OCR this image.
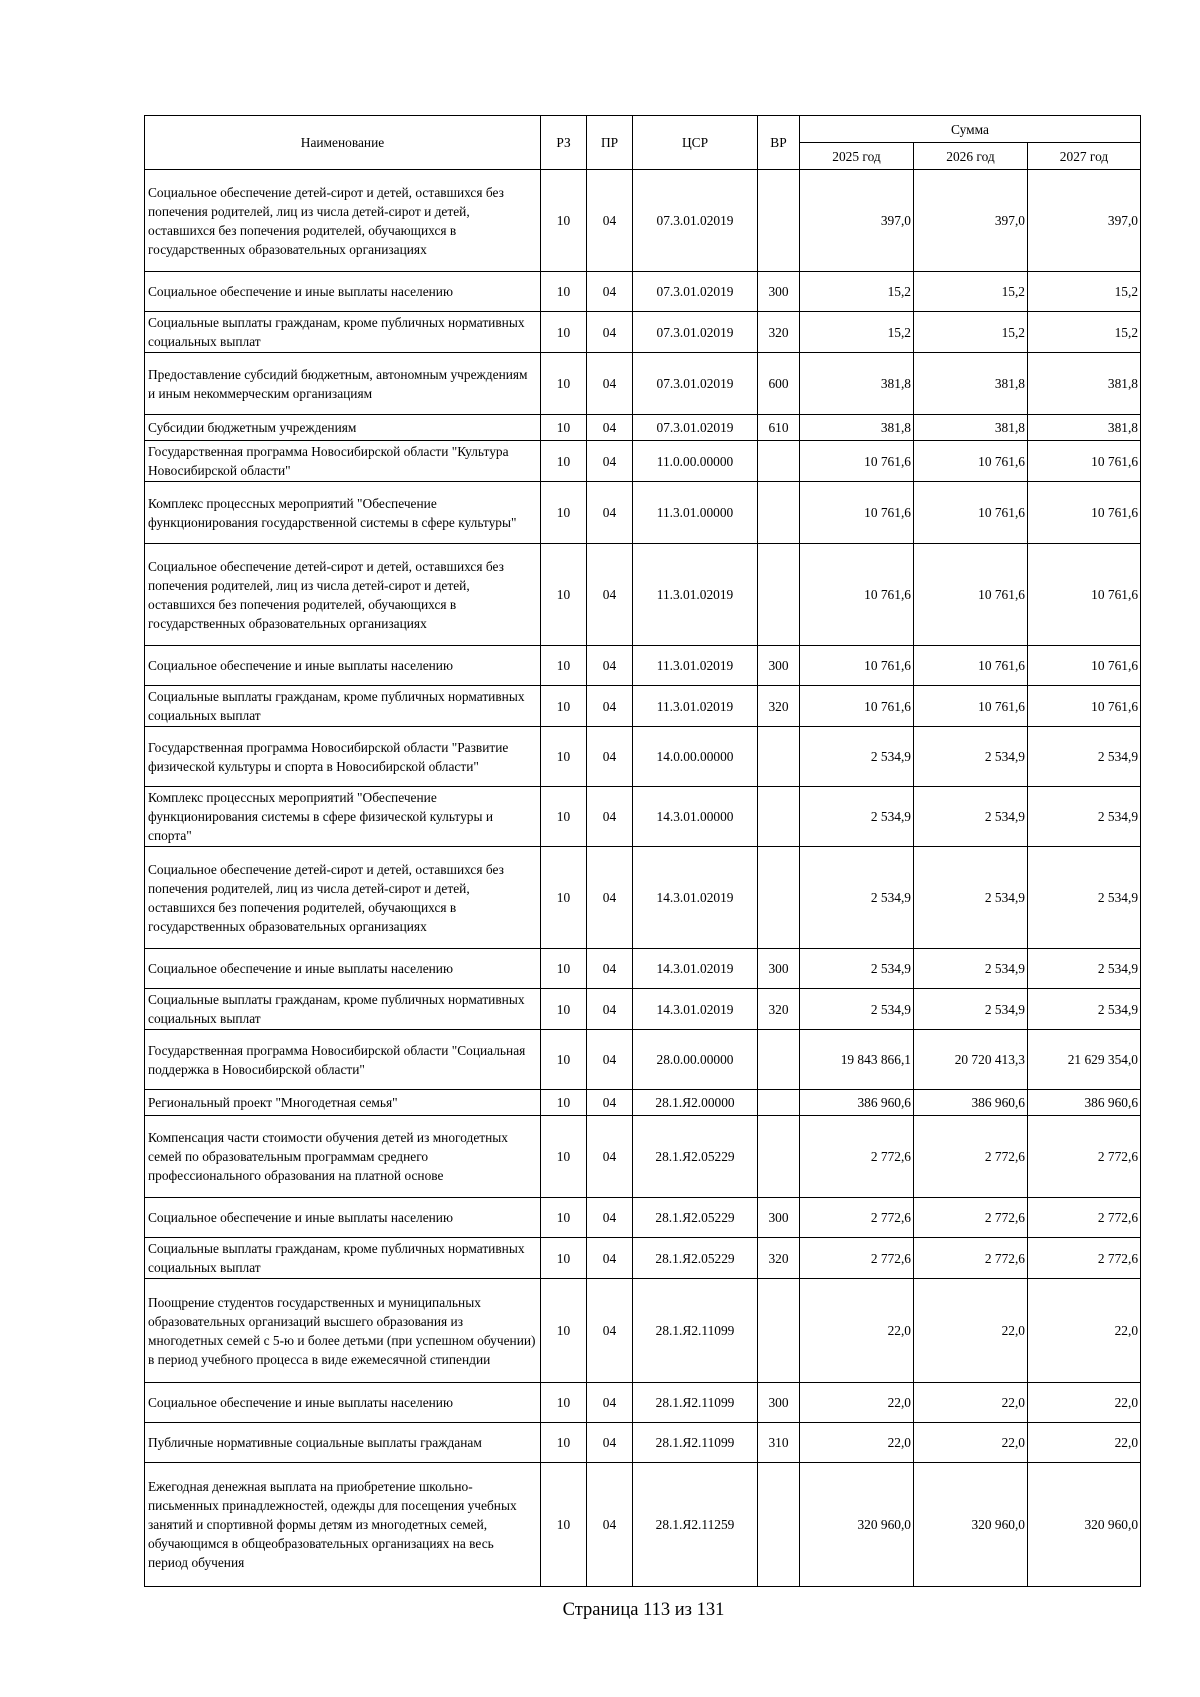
Наименование	РЗ	ПР	ЦСР	ВР	Сумма		
					2025 год	2026 год	2027 год
Социальное обеспечение детей-сирот и детей, оставшихся без попечения родителей, лиц из числа детей-сирот и детей, оставшихся без попечения родителей, обучающихся в государственных образовательных организациях	10	04	07.3.01.02019		397,0	397,0	397,0
Социальное обеспечение и иные выплаты населению	10	04	07.3.01.02019	300	15,2	15,2	15,2
Социальные выплаты гражданам, кроме публичных нормативных социальных выплат	10	04	07.3.01.02019	320	15,2	15,2	15,2
Предоставление субсидий бюджетным, автономным учреждениям и иным некоммерческим организациям	10	04	07.3.01.02019	600	381,8	381,8	381,8
Субсидии бюджетным учреждениям	10	04	07.3.01.02019	610	381,8	381,8	381,8
Государственная программа Новосибирской области "Культура Новосибирской области"	10	04	11.0.00.00000		10 761,6	10 761,6	10 761,6
Комплекс процессных мероприятий "Обеспечение функционирования государственной системы в сфере культуры"	10	04	11.3.01.00000		10 761,6	10 761,6	10 761,6
Социальное обеспечение детей-сирот и детей, оставшихся без попечения родителей, лиц из числа детей-сирот и детей, оставшихся без попечения родителей, обучающихся в государственных образовательных организациях	10	04	11.3.01.02019		10 761,6	10 761,6	10 761,6
Социальное обеспечение и иные выплаты населению	10	04	11.3.01.02019	300	10 761,6	10 761,6	10 761,6
Социальные выплаты гражданам, кроме публичных нормативных социальных выплат	10	04	11.3.01.02019	320	10 761,6	10 761,6	10 761,6
Государственная программа Новосибирской области "Развитие физической культуры и спорта в Новосибирской области"	10	04	14.0.00.00000		2 534,9	2 534,9	2 534,9
Комплекс процессных мероприятий "Обеспечение функционирования системы в сфере физической культуры и спорта"	10	04	14.3.01.00000		2 534,9	2 534,9	2 534,9
Социальное обеспечение детей-сирот и детей, оставшихся без попечения родителей, лиц из числа детей-сирот и детей, оставшихся без попечения родителей, обучающихся в государственных образовательных организациях	10	04	14.3.01.02019		2 534,9	2 534,9	2 534,9
Социальное обеспечение и иные выплаты населению	10	04	14.3.01.02019	300	2 534,9	2 534,9	2 534,9
Социальные выплаты гражданам, кроме публичных нормативных социальных выплат	10	04	14.3.01.02019	320	2 534,9	2 534,9	2 534,9
Государственная программа Новосибирской области "Социальная поддержка в Новосибирской области"	10	04	28.0.00.00000		19 843 866,1	20 720 413,3	21 629 354,0
Региональный проект "Многодетная семья"	10	04	28.1.Я2.00000		386 960,6	386 960,6	386 960,6
Компенсация части стоимости обучения детей из многодетных семей по образовательным программам среднего профессионального образования на платной основе	10	04	28.1.Я2.05229		2 772,6	2 772,6	2 772,6
Социальное обеспечение и иные выплаты населению	10	04	28.1.Я2.05229	300	2 772,6	2 772,6	2 772,6
Социальные выплаты гражданам, кроме публичных нормативных социальных выплат	10	04	28.1.Я2.05229	320	2 772,6	2 772,6	2 772,6
Поощрение студентов государственных и муниципальных образовательных организаций высшего образования из многодетных семей с 5-ю и более детьми (при успешном обучении) в период учебного процесса в виде ежемесячной стипендии	10	04	28.1.Я2.11099		22,0	22,0	22,0
Социальное обеспечение и иные выплаты населению	10	04	28.1.Я2.11099	300	22,0	22,0	22,0
Публичные нормативные социальные выплаты гражданам	10	04	28.1.Я2.11099	310	22,0	22,0	22,0
Ежегодная денежная выплата на приобретение школьно-письменных принадлежностей, одежды для посещения учебных занятий и спортивной формы детям из многодетных семей, обучающимся в общеобразовательных организациях на весь период обучения	10	04	28.1.Я2.11259		320 960,0	320 960,0	320 960,0
Страница 113 из 131
